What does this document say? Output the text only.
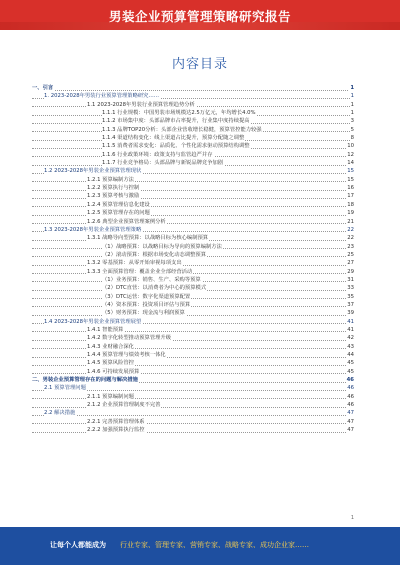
男装企业预算管理策略研究报告
内容目录
一、引言	1
1. 2023-2028年男装行业预算管理策略研究……	1
1.1 2023-2028年男装行业预算管理趋势分析	1
1.1.1 行业规模：中国男装市场规模达2.5万亿元，年均增长4.0%	1
1.1.2 市场集中度：头部品牌市占率提升，行业集中度持续提高	3
1.1.3 品牌TOP20分析：头部企业营收增长稳健，预算管控能力较强	5
1.1.4 渠道结构变化：线上渠道占比提升，预算分配随之调整	8
1.1.5 消费者需求变化：品质化、个性化需求驱动预算结构调整	10
1.1.6 行业政策环境：政策支持与监管趋严并存	12
1.1.7 行业竞争格局：头部品牌与新锐品牌竞争加剧	14
1.2 2023-2028年男装企业预算管理现状	15
1.2.1 预算编制方法	15
1.2.2 预算执行与控制	16
1.2.3 预算考核与激励	17
1.2.4 预算管理信息化建设	18
1.2.5 预算管理存在的问题	19
1.2.6 典型企业预算管理案例分析	21
1.3 2023-2028年男装企业预算管理策略	22
1.3.1 战略导向型预算：以战略目标为核心编制预算	22
（1）战略预算：以战略目标为导向的预算编制方法	23
（2）滚动预算：根据市场变化动态调整预算	25
1.3.2 零基预算：从零开始审视每项支出	27
1.3.3 全面预算管理：覆盖企业全部经营活动	29
（1）业务预算：销售、生产、采购等预算	31
（2）DTC直营：以消费者为中心的预算模式	33
（3）DTC运营：数字化渠道预算配置	35
（4）资本预算：投资项目评估与预算	37
（5）财务预算：现金流与利润预算	39
1.4 2023-2028年男装企业预算管理展望	41
1.4.1 智能预算	41
1.4.2 数字化转型推动预算管理升级	42
1.4.3 业财融合深化	43
1.4.4 预算管理与绩效考核一体化	44
1.4.5 预算风险管控	45
1.4.6 可持续发展预算	45
二、男装企业预算管理存在的问题与解决措施	46
2.1 预算管理问题	46
2.1.1 预算编制问题	46
2.1.2 企业预算管理制度不完善	46
2.2 解决措施	47
2.2.1 完善预算管理体系	47
2.2.2 加强预算执行监控	47
1
让每个人都能成为 行业专家、管理专家、营销专家、战略专家、成功企业家……
